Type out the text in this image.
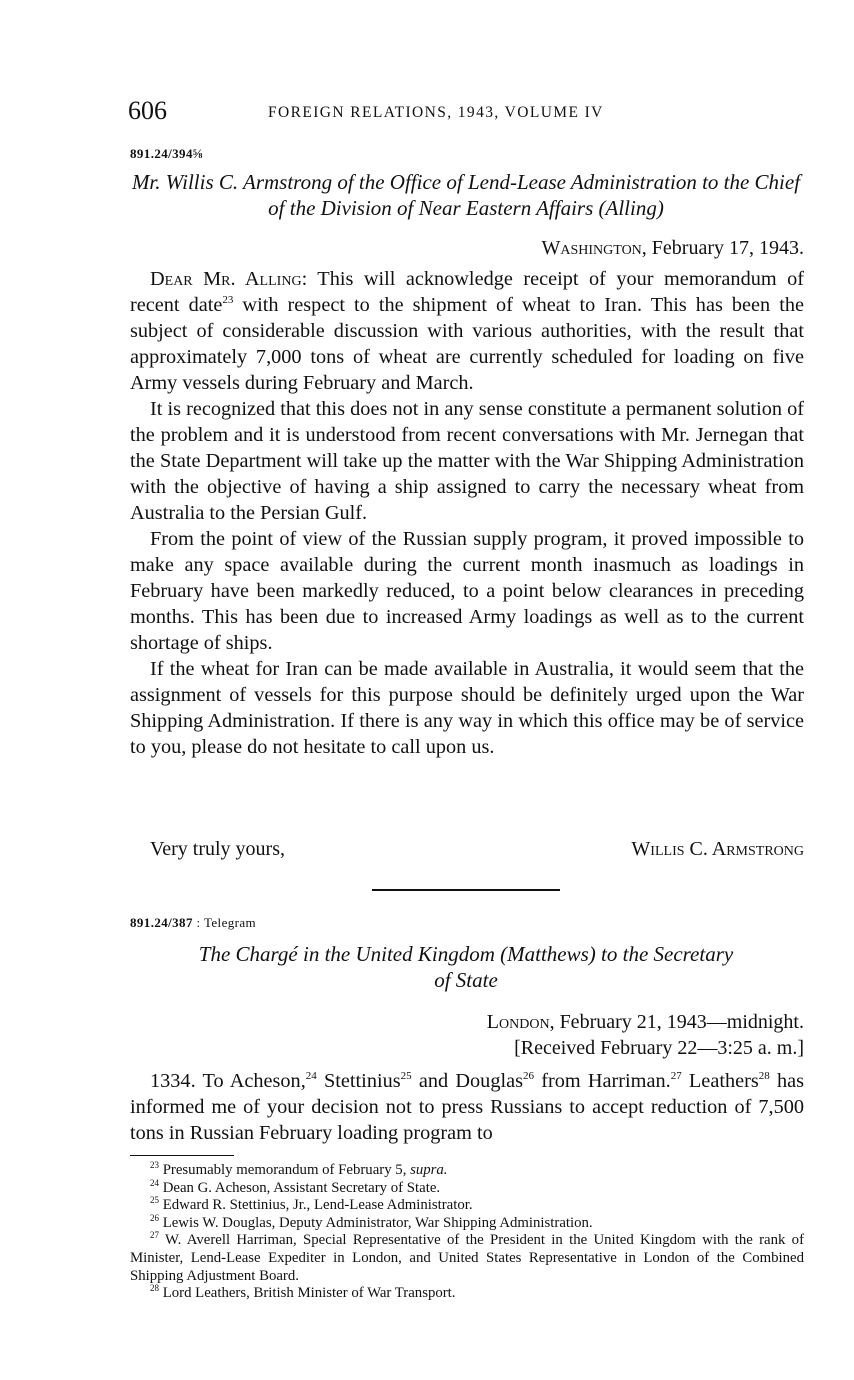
606	FOREIGN RELATIONS, 1943, VOLUME IV
891.24/394⅝
Mr. Willis C. Armstrong of the Office of Lend-Lease Administration to the Chief of the Division of Near Eastern Affairs (Alling)
Washington, February 17, 1943.

Dear Mr. Alling: This will acknowledge receipt of your memorandum of recent date$^{23}$ with respect to the shipment of wheat to Iran. This has been the subject of considerable discussion with various authorities, with the result that approximately 7,000 tons of wheat are currently scheduled for loading on five Army vessels during February and March.

It is recognized that this does not in any sense constitute a permanent solution of the problem and it is understood from recent conversations with Mr. Jernegan that the State Department will take up the matter with the War Shipping Administration with the objective of having a ship assigned to carry the necessary wheat from Australia to the Persian Gulf.

From the point of view of the Russian supply program, it proved impossible to make any space available during the current month inasmuch as loadings in February have been markedly reduced, to a point below clearances in preceding months. This has been due to increased Army loadings as well as to the current shortage of ships.

If the wheat for Iran can be made available in Australia, it would seem that the assignment of vessels for this purpose should be definitely urged upon the War Shipping Administration. If there is any way in which this office may be of service to you, please do not hesitate to call upon us.

Very truly yours,	Willis C. Armstrong
891.24/387 : Telegram
The Chargé in the United Kingdom (Matthews) to the Secretary
of State
London, February 21, 1943—midnight.
[Received February 22—3:25 a. m.]

1334. To Acheson,$^{24}$ Stettinius$^{25}$ and Douglas$^{26}$ from Harriman.$^{27}$ Leathers$^{28}$ has informed me of your decision not to press Russians to accept reduction of 7,500 tons in Russian February loading program to

$^{23}$ Presumably memorandum of February 5, supra.

$^{24}$ Dean G. Acheson, Assistant Secretary of State.

$^{25}$ Edward R. Stettinius, Jr., Lend-Lease Administrator.

$^{26}$ Lewis W. Douglas, Deputy Administrator, War Shipping Administration.

$^{27}$ W. Averell Harriman, Special Representative of the President in the United Kingdom with the rank of Minister, Lend-Lease Expediter in London, and United States Representative in London of the Combined Shipping Adjustment Board.

$^{28}$ Lord Leathers, British Minister of War Transport.
